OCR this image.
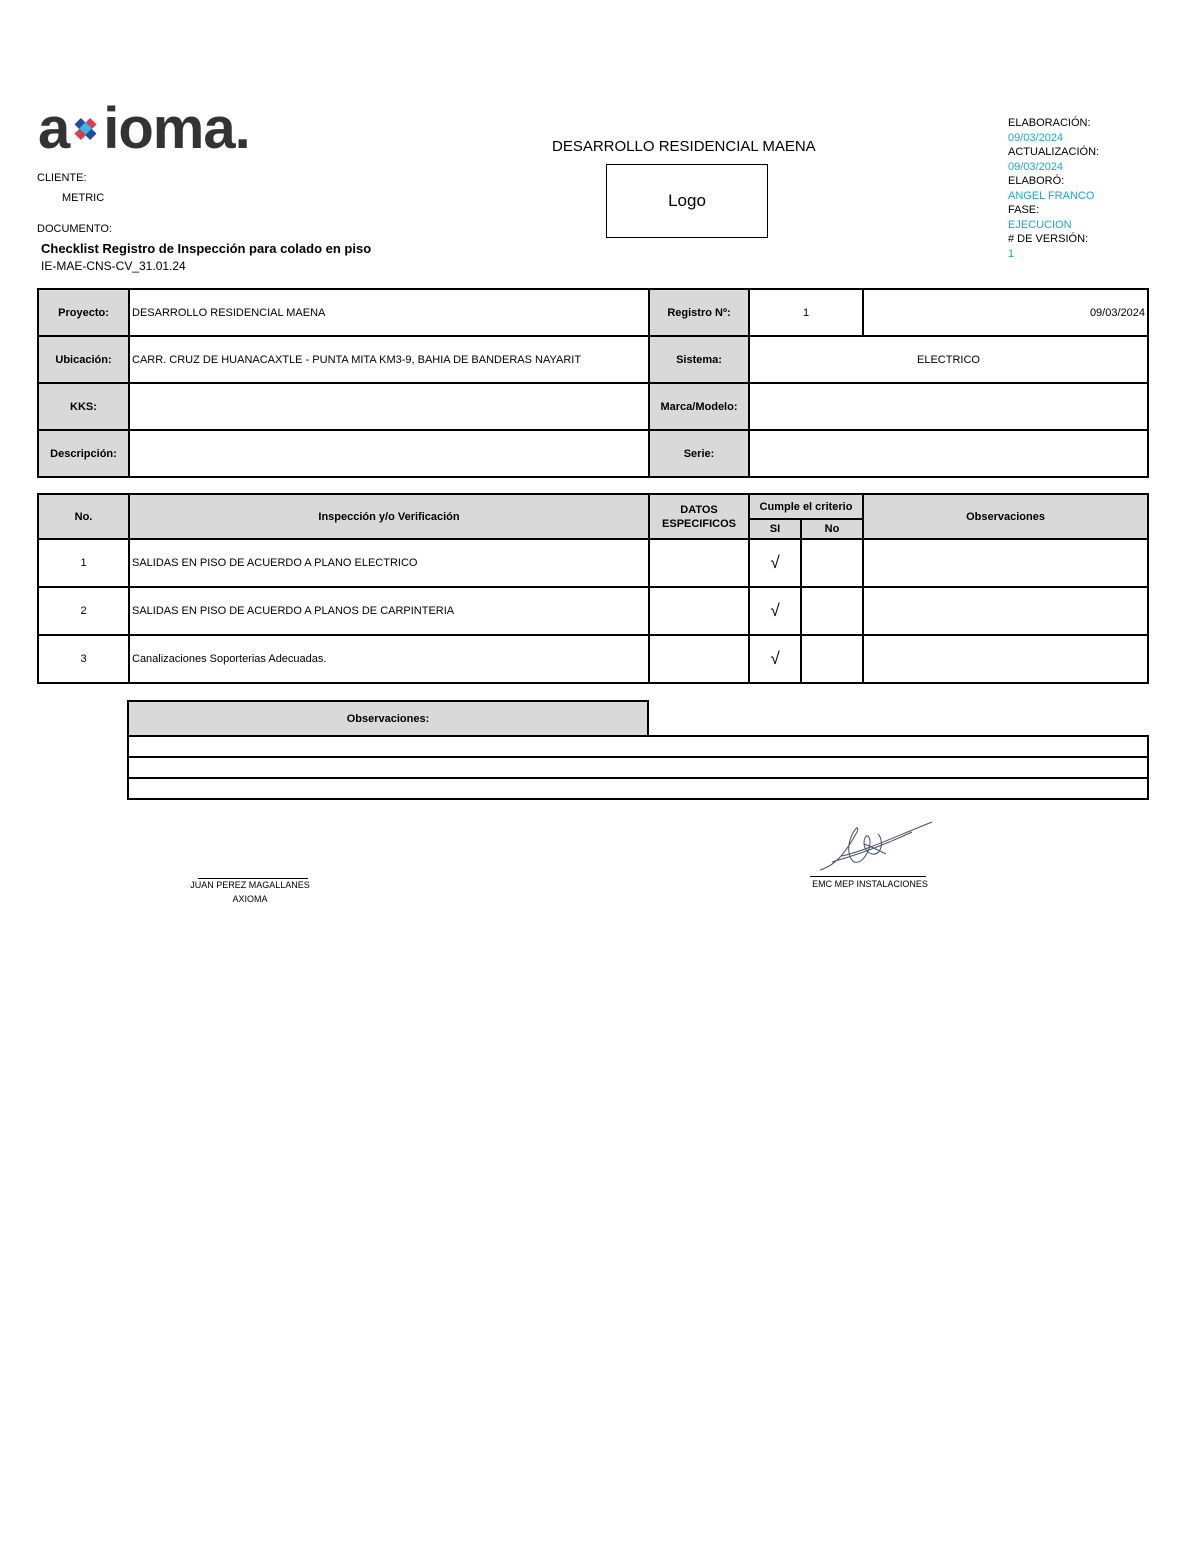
a ioma.
CLIENTE:
METRIC
DOCUMENTO:
Checklist Registro de Inspección para colado en piso
IE-MAE-CNS-CV_31.01.24
DESARROLLO RESIDENCIAL MAENA
Logo
ELABORACIÓN:
09/03/2024
ACTUALIZACIÓN:
09/03/2024
ELABORÓ:
ANGEL FRANCO
FASE:
EJECUCION
# DE VERSIÓN:
1
Proyecto:	DESARROLLO RESIDENCIAL MAENA	Registro Nº:	1	09/03/2024
Ubicación:	CARR. CRUZ DE HUANACAXTLE - PUNTA MITA KM3-9, BAHIA DE BANDERAS NAYARIT	Sistema:	ELECTRICO	
KKS:		Marca/Modelo:		
Descripción:		Serie:		
No.	Inspección y/o Verificación	DATOS ESPECIFICOS	Cumple el criterio		Observaciones
			SI	No	
1	SALIDAS EN PISO DE ACUERDO A PLANO ELECTRICO		√		
2	SALIDAS EN PISO DE ACUERDO A PLANOS DE CARPINTERIA		√		
3	Canalizaciones Soporterias Adecuadas.		√		
Observaciones:	

JUAN PEREZ MAGALLANES
AXIOMA
EMC MEP INSTALACIONES
